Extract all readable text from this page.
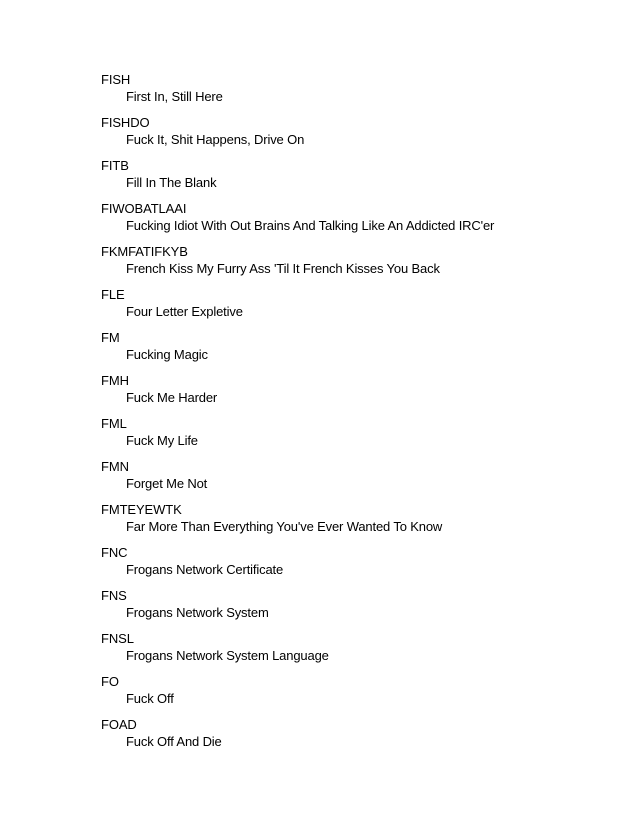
FISH
First In, Still Here
FISHDO
Fuck It, Shit Happens, Drive On
FITB
Fill In The Blank
FIWOBATLAAI
Fucking Idiot With Out Brains And Talking Like An Addicted IRC'er
FKMFATIFKYB
French Kiss My Furry Ass 'Til It French Kisses You Back
FLE
Four Letter Expletive
FM
Fucking Magic
FMH
Fuck Me Harder
FML
Fuck My Life
FMN
Forget Me Not
FMTEYEWTK
Far More Than Everything You've Ever Wanted To Know
FNC
Frogans Network Certificate
FNS
Frogans Network System
FNSL
Frogans Network System Language
FO
Fuck Off
FOAD
Fuck Off And Die
